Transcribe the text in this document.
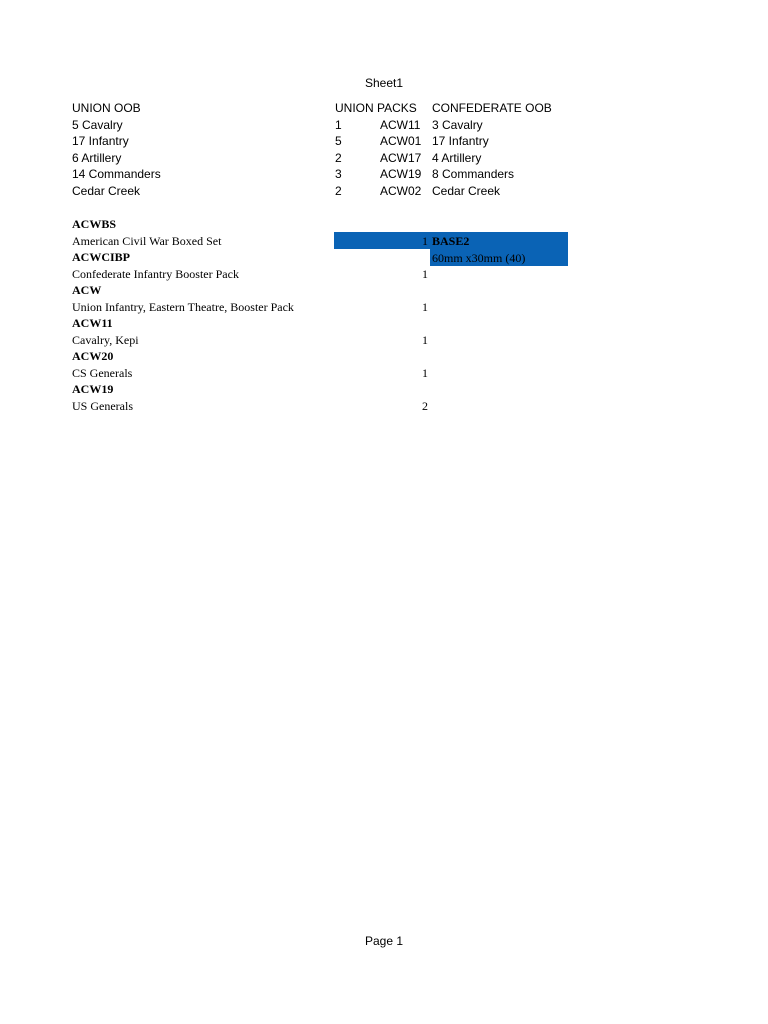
Sheet1
UNION OOB	UNION PACKS CONFEDERATE OOB
5 Cavalry	1	ACW11 3 Cavalry
17 Infantry	5	ACW01 17 Infantry
6 Artillery	2	ACW17 4 Artillery
14 Commanders	3	ACW19 8 Commanders
Cedar Creek	2	ACW02 Cedar Creek
ACWBS
American Civil War Boxed Set	1 BASE2
ACWCIBP	60mm x30mm (40)
Confederate Infantry Booster Pack	1
ACW
Union Infantry, Eastern Theatre, Booster Pack	1
ACW11
Cavalry, Kepi	1
ACW20
CS Generals	1
ACW19
US Generals	2
Page 1
